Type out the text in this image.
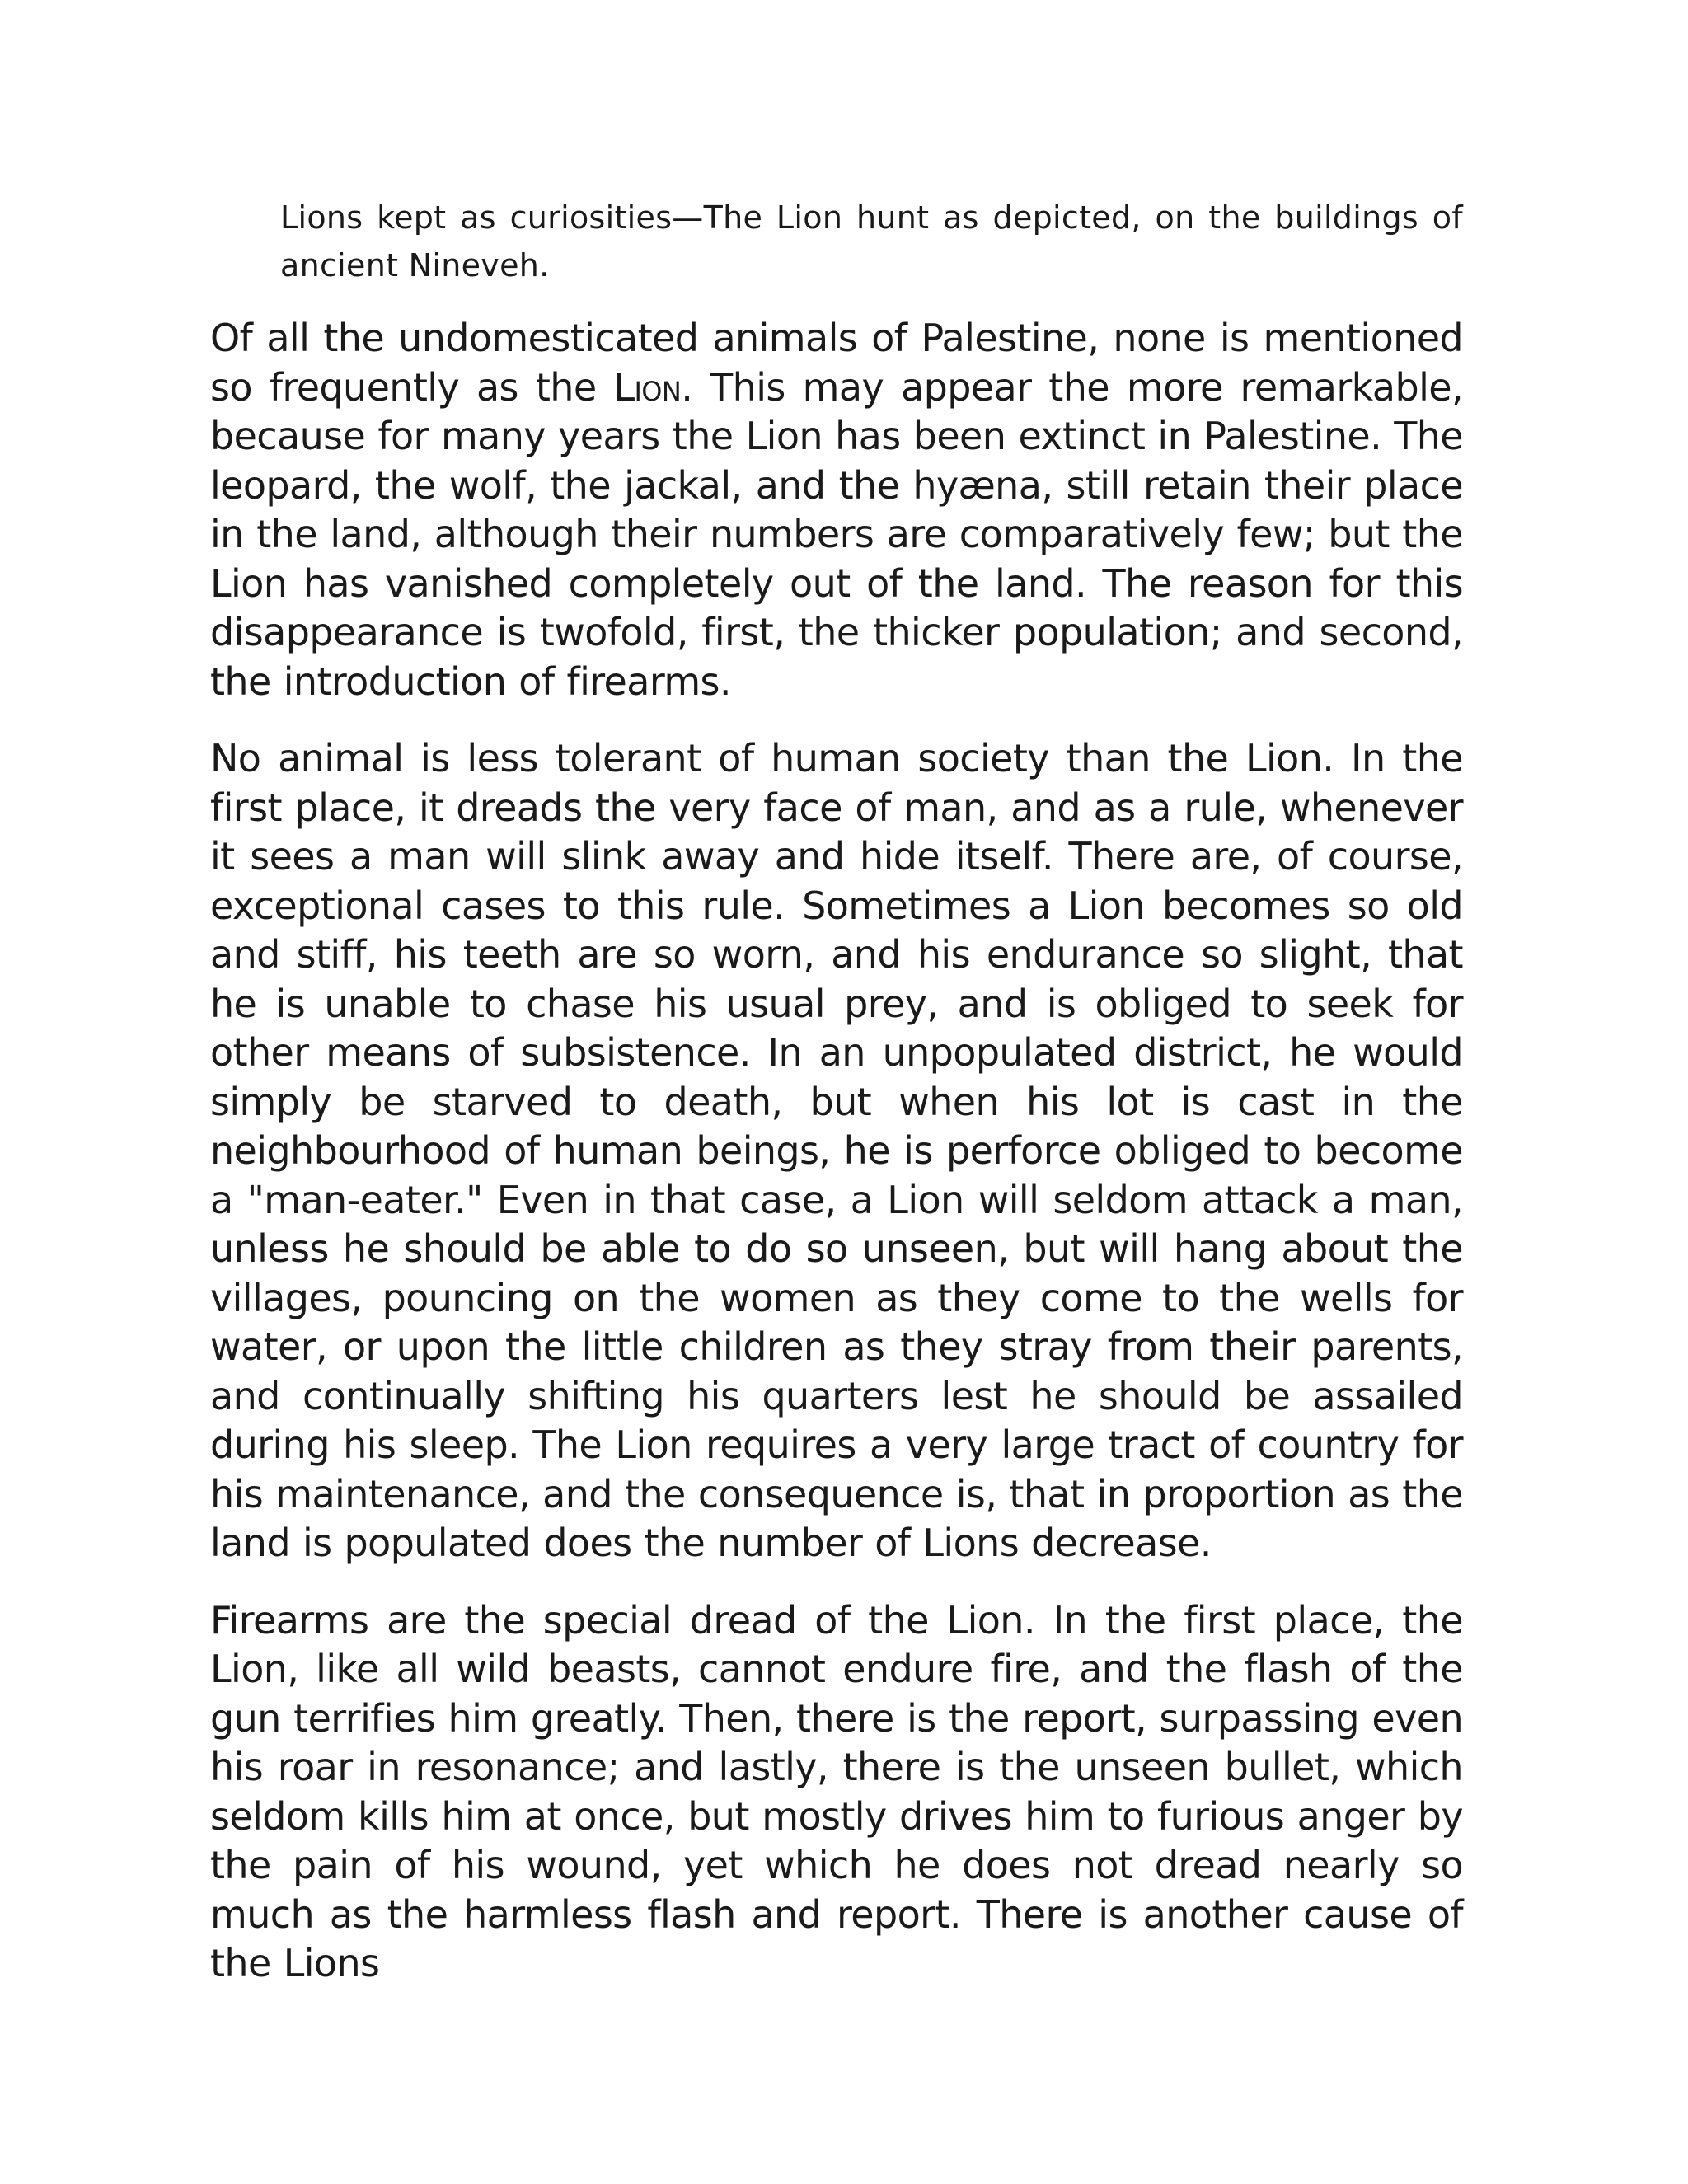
Lions kept as curiosities—The Lion hunt as depicted, on the buildings of ancient Nineveh.

Of all the undomesticated animals of Palestine, none is mentioned so frequently as the Lion. This may appear the more remarkable, because for many years the Lion has been extinct in Palestine. The leopard, the wolf, the jackal, and the hyæna, still retain their place in the land, although their numbers are comparatively few; but the Lion has vanished completely out of the land. The reason for this disappearance is twofold, first, the thicker population; and second, the introduction of firearms.

No animal is less tolerant of human society than the Lion. In the first place, it dreads the very face of man, and as a rule, whenever it sees a man will slink away and hide itself. There are, of course, exceptional cases to this rule. Sometimes a Lion becomes so old and stiff, his teeth are so worn, and his endurance so slight, that he is unable to chase his usual prey, and is obliged to seek for other means of subsistence. In an unpopulated district, he would simply be starved to death, but when his lot is cast in the neighbourhood of human beings, he is perforce obliged to become a "man-eater." Even in that case, a Lion will seldom attack a man, unless he should be able to do so unseen, but will hang about the villages, pouncing on the women as they come to the wells for water, or upon the little children as they stray from their parents, and continually shifting his quarters lest he should be assailed during his sleep. The Lion requires a very large tract of country for his maintenance, and the consequence is, that in proportion as the land is populated does the number of Lions decrease.

Firearms are the special dread of the Lion. In the first place, the Lion, like all wild beasts, cannot endure fire, and the flash of the gun terrifies him greatly. Then, there is the report, surpassing even his roar in resonance; and lastly, there is the unseen bullet, which seldom kills him at once, but mostly drives him to furious anger by the pain of his wound, yet which he does not dread nearly so much as the harmless flash and report. There is another cause of the Lions
